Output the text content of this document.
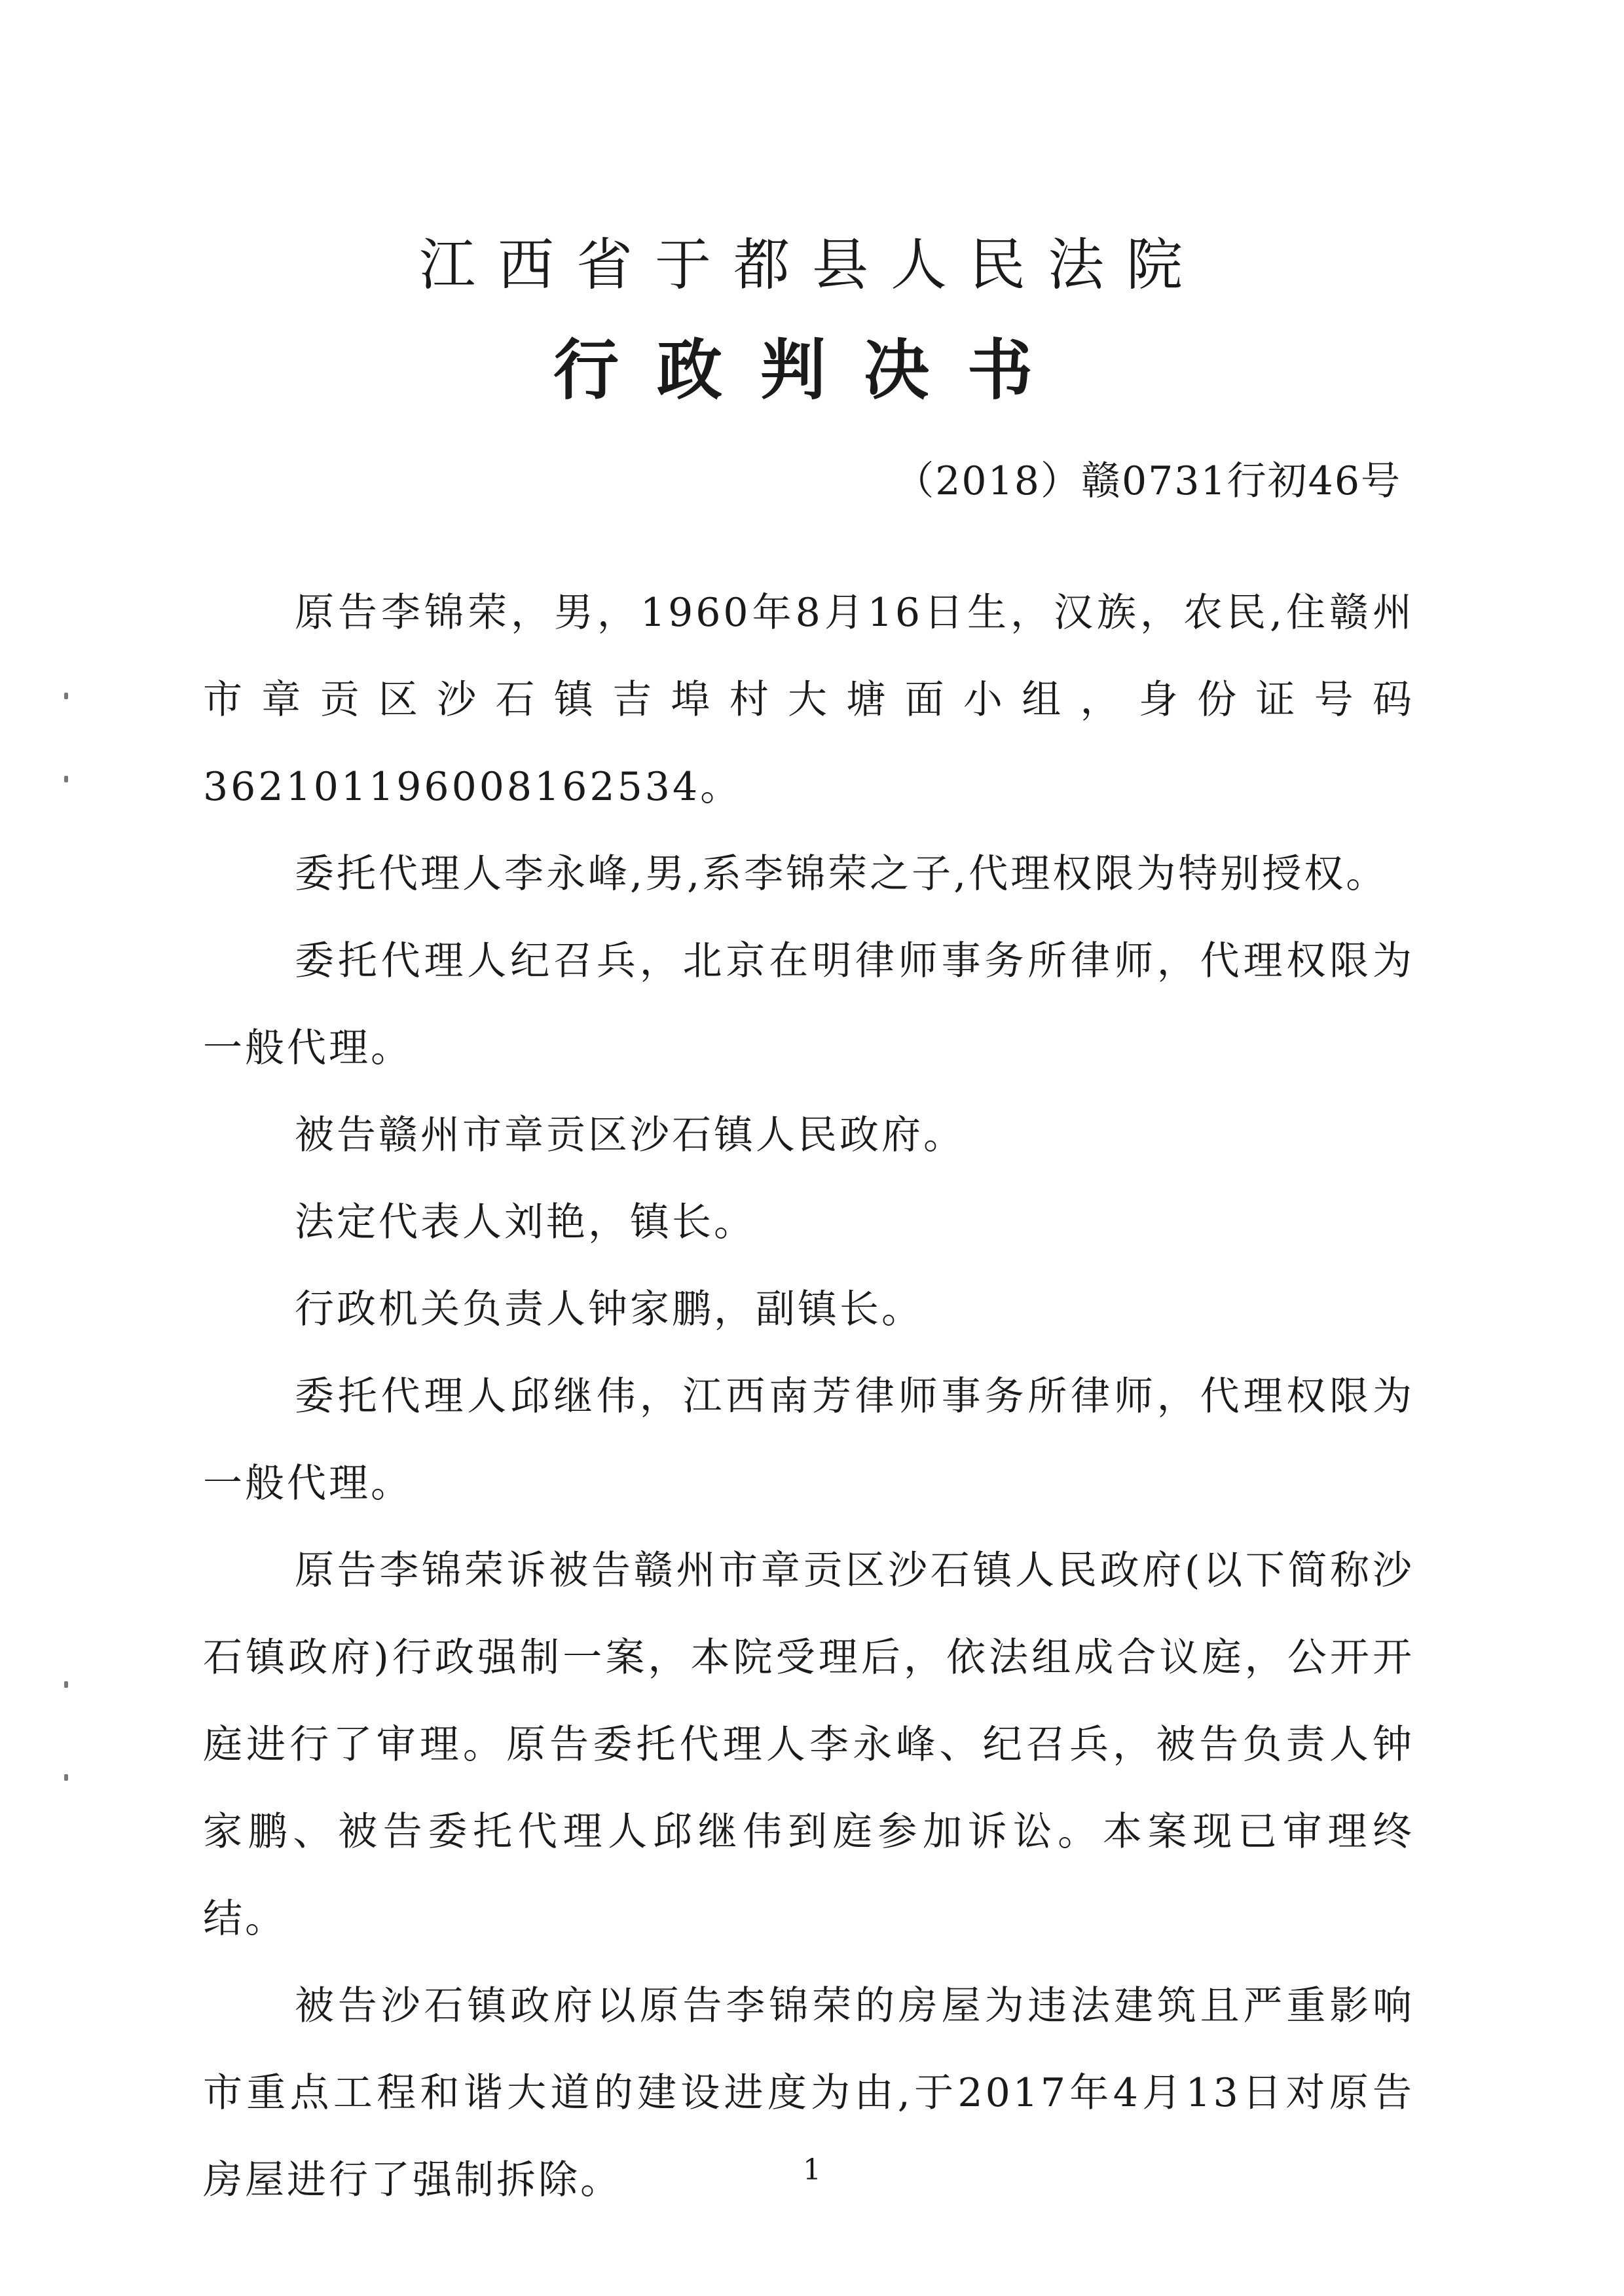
江西省于都县人民法院
行政判决书
（2018）赣0731行初46号

原告李锦荣，男，1960年8月16日生，汉族，农民,住赣州市章贡区沙石镇吉埠村大塘面小组，身份证号码362101196008162534。

委托代理人李永峰,男,系李锦荣之子,代理权限为特别授权。

委托代理人纪召兵，北京在明律师事务所律师，代理权限为一般代理。

被告赣州市章贡区沙石镇人民政府。

法定代表人刘艳，镇长。

行政机关负责人钟家鹏，副镇长。

委托代理人邱继伟，江西南芳律师事务所律师，代理权限为一般代理。

原告李锦荣诉被告赣州市章贡区沙石镇人民政府(以下简称沙石镇政府)行政强制一案，本院受理后，依法组成合议庭，公开开庭进行了审理。原告委托代理人李永峰、纪召兵，被告负责人钟家鹏、被告委托代理人邱继伟到庭参加诉讼。本案现已审理终结。

被告沙石镇政府以原告李锦荣的房屋为违法建筑且严重影响市重点工程和谐大道的建设进度为由,于2017年4月13日对原告房屋进行了强制拆除。	1
